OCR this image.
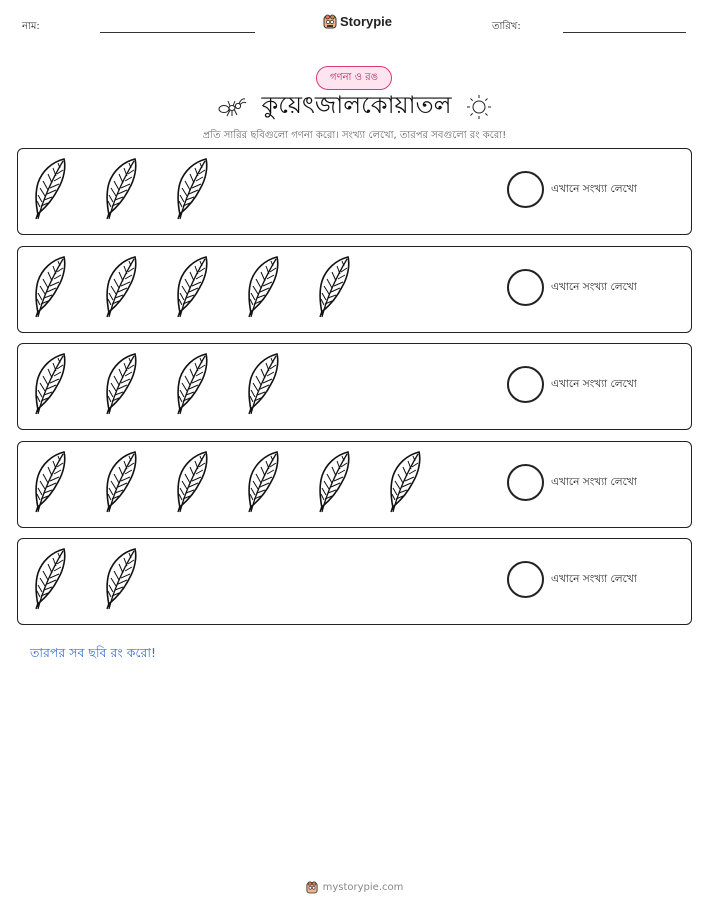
নাম:	Storypie	তারিখ:
গণনা ও রঙ
কুয়েৎজালকোয়াতল
প্রতি সারির ছবিগুলো গণনা করো। সংখ্যা লেখো, তারপর সবগুলো রং করো!
এখানে সংখ্যা লেখো
এখানে সংখ্যা লেখো
এখানে সংখ্যা লেখো
এখানে সংখ্যা লেখো
এখানে সংখ্যা লেখো
তারপর সব ছবি রং করো!
mystorypie.com
